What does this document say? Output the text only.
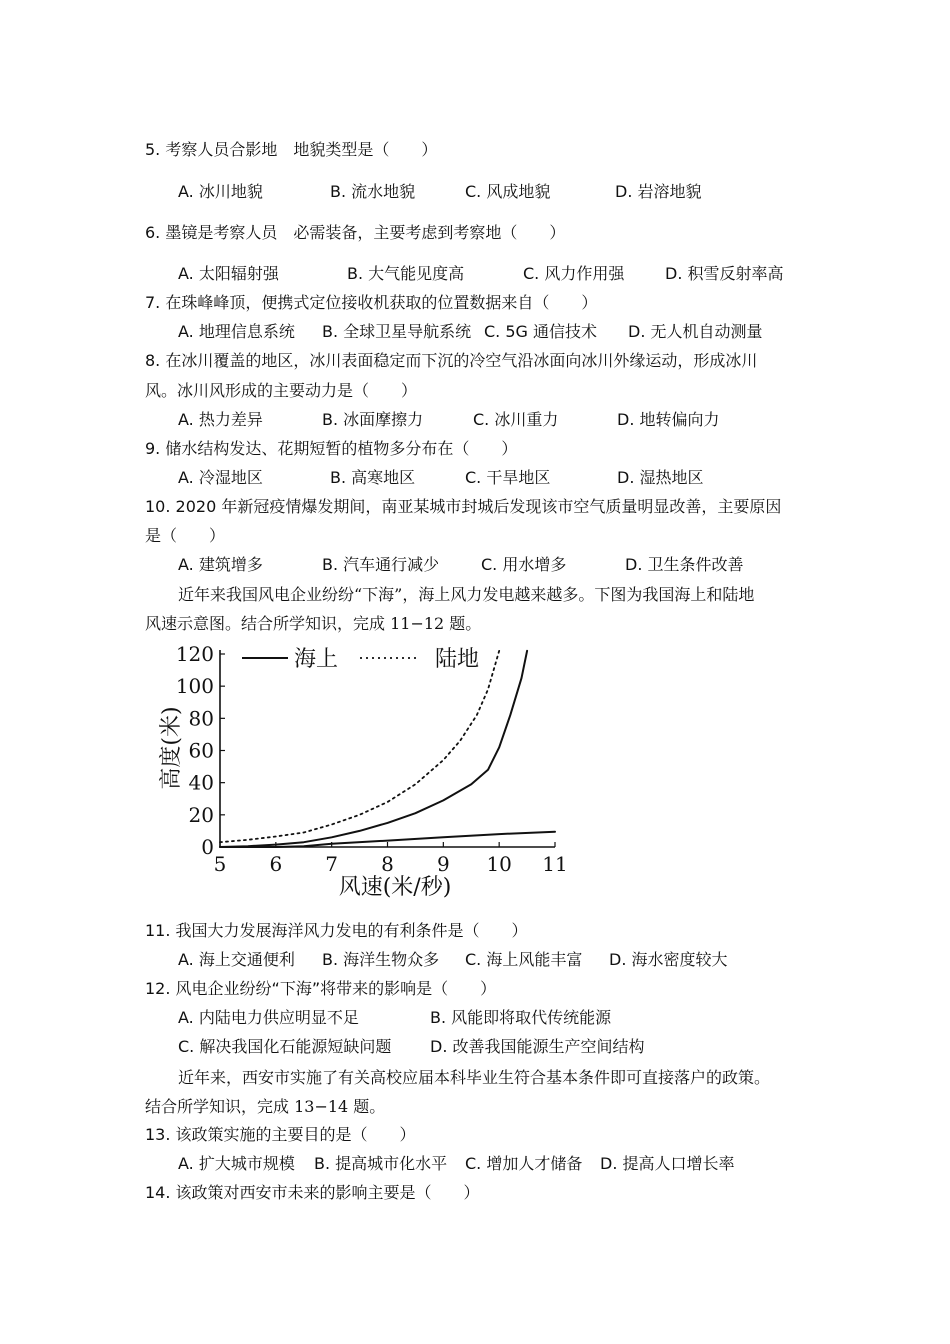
5. 考察人员合影地　地貌类型是（　　）
A. 冰川地貌	B. 流水地貌	C. 风成地貌	D. 岩溶地貌
6. 墨镜是考察人员　必需装备，主要考虑到考察地（　　）
A. 太阳辐射强	B. 大气能见度高	C. 风力作用强	D. 积雪反射率高
7. 在珠峰峰顶，便携式定位接收机获取的位置数据来自（　　）
A. 地理信息系统 B. 全球卫星导航系统 C. 5G 通信技术 D. 无人机自动测量
8. 在冰川覆盖的地区，冰川表面稳定而下沉的冷空气沿冰面向冰川外缘运动，形成冰川
风。冰川风形成的主要动力是（　　）
A. 热力差异	B. 冰面摩擦力	C. 冰川重力	D. 地转偏向力
9. 储水结构发达、花期短暂的植物多分布在（　　）
A. 冷湿地区	B. 高寒地区	C. 干旱地区	D. 湿热地区
10. 2020 年新冠疫情爆发期间，南亚某城市封城后发现该市空气质量明显改善，主要原因
是（　　）
A. 建筑增多	B. 汽车通行减少	C. 用水增多	D. 卫生条件改善
近年来我国风电企业纷纷“下海”，海上风力发电越来越多。下图为我国海上和陆地
风速示意图。结合所学知识，完成 11−12 题。
0
20
40
60
80
100
120
5 6 7 8 9 10 11
海上	陆地
高度(米)
风速(米/秒)
11. 我国大力发展海洋风力发电的有利条件是（　　）
A. 海上交通便利 B. 海洋生物众多 C. 海上风能丰富 D. 海水密度较大
12. 风电企业纷纷“下海”将带来的影响是（　　）
A. 内陆电力供应明显不足	B. 风能即将取代传统能源
C. 解决我国化石能源短缺问题 D. 改善我国能源生产空间结构
近年来，西安市实施了有关高校应届本科毕业生符合基本条件即可直接落户的政策。
结合所学知识，完成 13−14 题。
13. 该政策实施的主要目的是（　　）
A. 扩大城市规模 B. 提高城市化水平 C. 增加人才储备 D. 提高人口增长率
14. 该政策对西安市未来的影响主要是（　　）
